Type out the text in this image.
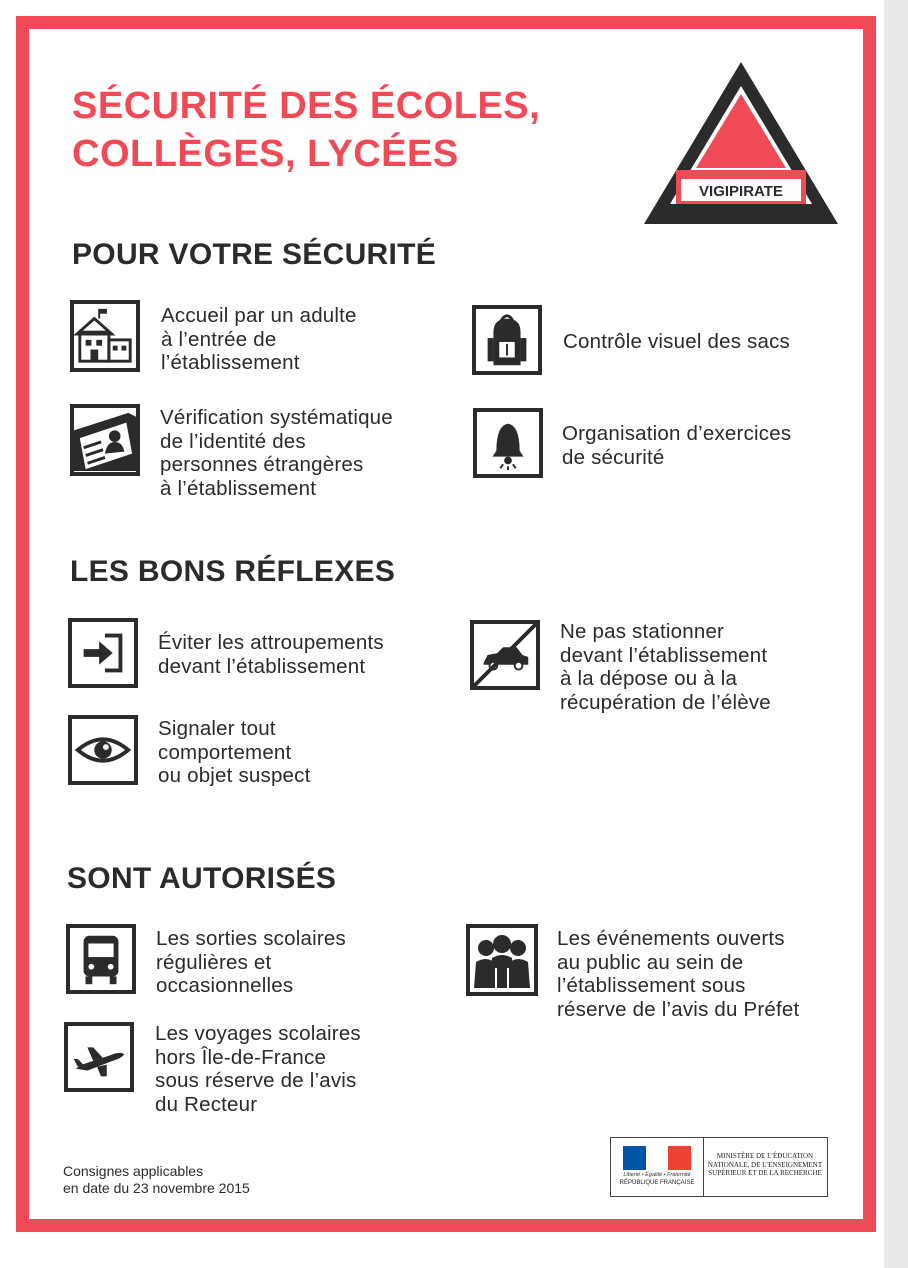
SÉCURITÉ DES ÉCOLES,
COLLÈGES, LYCÉES
VIGIPIRATE
POUR VOTRE SÉCURITÉ
Accueil par un adulte
à l’entrée de
l’établissement
Contrôle visuel des sacs
Vérification systématique
de l’identité des
personnes étrangères
à l’établissement
Organisation d’exercices
de sécurité
LES BONS RÉFLEXES
Éviter les attroupements
devant l’établissement
Ne pas stationner
devant l’établissement
à la dépose ou à la
récupération de l’élève
Signaler tout
comportement
ou objet suspect
SONT AUTORISÉS
Les sorties scolaires
régulières et
occasionnelles
Les événements ouverts
au public au sein de
l’établissement sous
réserve de l’avis du Préfet
Les voyages scolaires
hors Île-de-France
sous réserve de l’avis
du Recteur
Consignes applicables
en date du 23 novembre 2015
Liberté • Égalité • Fraternité
RÉPUBLIQUE FRANÇAISE
MINISTÈRE DE L’ÉDUCATION
NATIONALE, DE L’ENSEIGNEMENT
SUPÉRIEUR ET DE LA RECHERCHE
